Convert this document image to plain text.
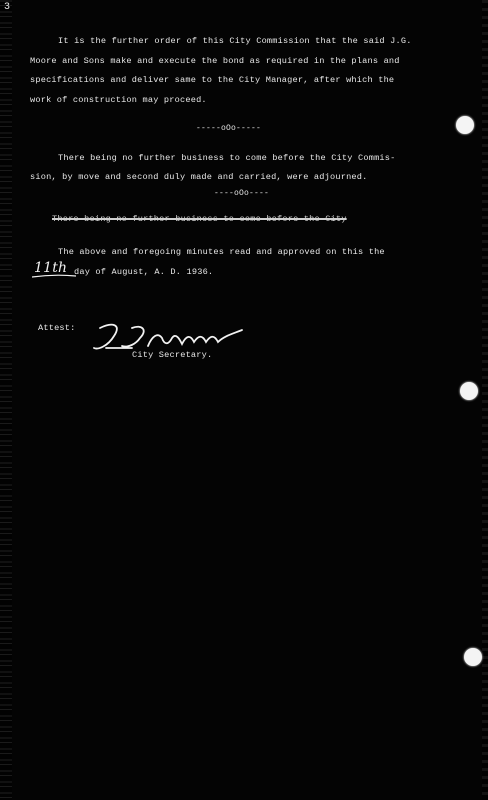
3
It is the further order of this City Commission that the said J.G.
Moore and Sons make and execute the bond as required in the plans and
specifications and deliver same to the City Manager, after which the
work of construction may proceed.
-----oOo-----
There being no further business to come before the City Commis-
sion, by move and second duly made and carried, were adjourned.
----oOo----
There being no further business to come before the City
The above and foregoing minutes read and approved on this the
11th day of August, A. D. 1936.
Attest:
City Secretary.
